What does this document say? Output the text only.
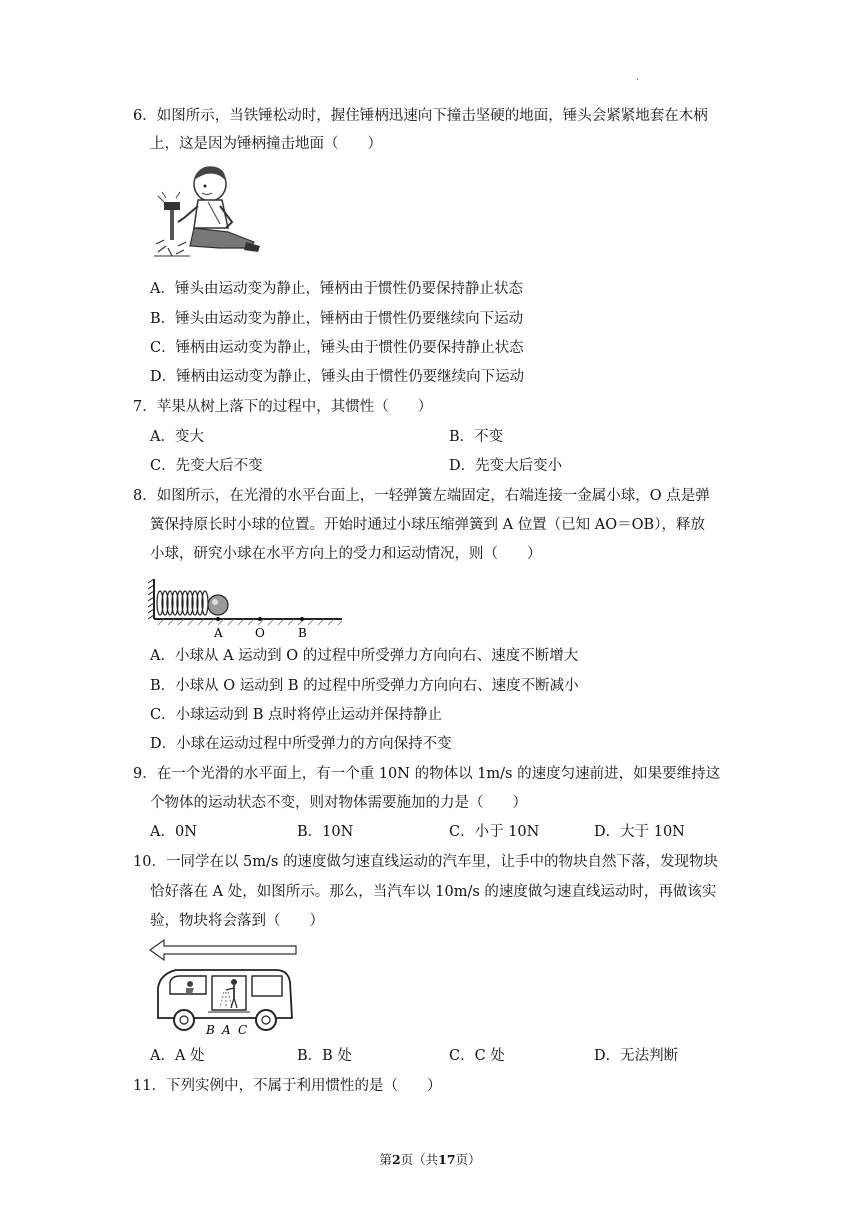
.
6．如图所示，当铁锤松动时，握住锤柄迅速向下撞击坚硬的地面，锤头会紧紧地套在木柄
上，这是因为锤柄撞击地面（　　）
A．锤头由运动变为静止，锤柄由于惯性仍要保持静止状态
B．锤头由运动变为静止，锤柄由于惯性仍要继续向下运动
C．锤柄由运动变为静止，锤头由于惯性仍要保持静止状态
D．锤柄由运动变为静止，锤头由于惯性仍要继续向下运动
7．苹果从树上落下的过程中，其惯性（　　）
A．变大	B．不变
C．先变大后不变	D．先变大后变小
8．如图所示，在光滑的水平台面上，一轻弹簧左端固定，右端连接一金属小球，O 点是弹
簧保持原长时小球的位置。开始时通过小球压缩弹簧到 A 位置（已知 AO＝OB），释放
小球，研究小球在水平方向上的受力和运动情况，则（　　）
A	O	B
A．小球从 A 运动到 O 的过程中所受弹力方向向右、速度不断增大
B．小球从 O 运动到 B 的过程中所受弹力方向向右、速度不断减小
C．小球运动到 B 点时将停止运动并保持静止
D．小球在运动过程中所受弹力的方向保持不变
9．在一个光滑的水平面上，有一个重 10N 的物体以 1m/s 的速度匀速前进，如果要维持这
个物体的运动状态不变，则对物体需要施加的力是（　　）
A．0N	B．10N	C．小于 10N	D．大于 10N
10．一同学在以 5m/s 的速度做匀速直线运动的汽车里，让手中的物块自然下落，发现物块
恰好落在 A 处，如图所示。那么，当汽车以 10m/s 的速度做匀速直线运动时，再做该实
验，物块将会落到（　　）
B A C
A．A 处	B．B 处	C．C 处	D．无法判断
11．下列实例中，不属于利用惯性的是（　　）
第2页（共17页）
